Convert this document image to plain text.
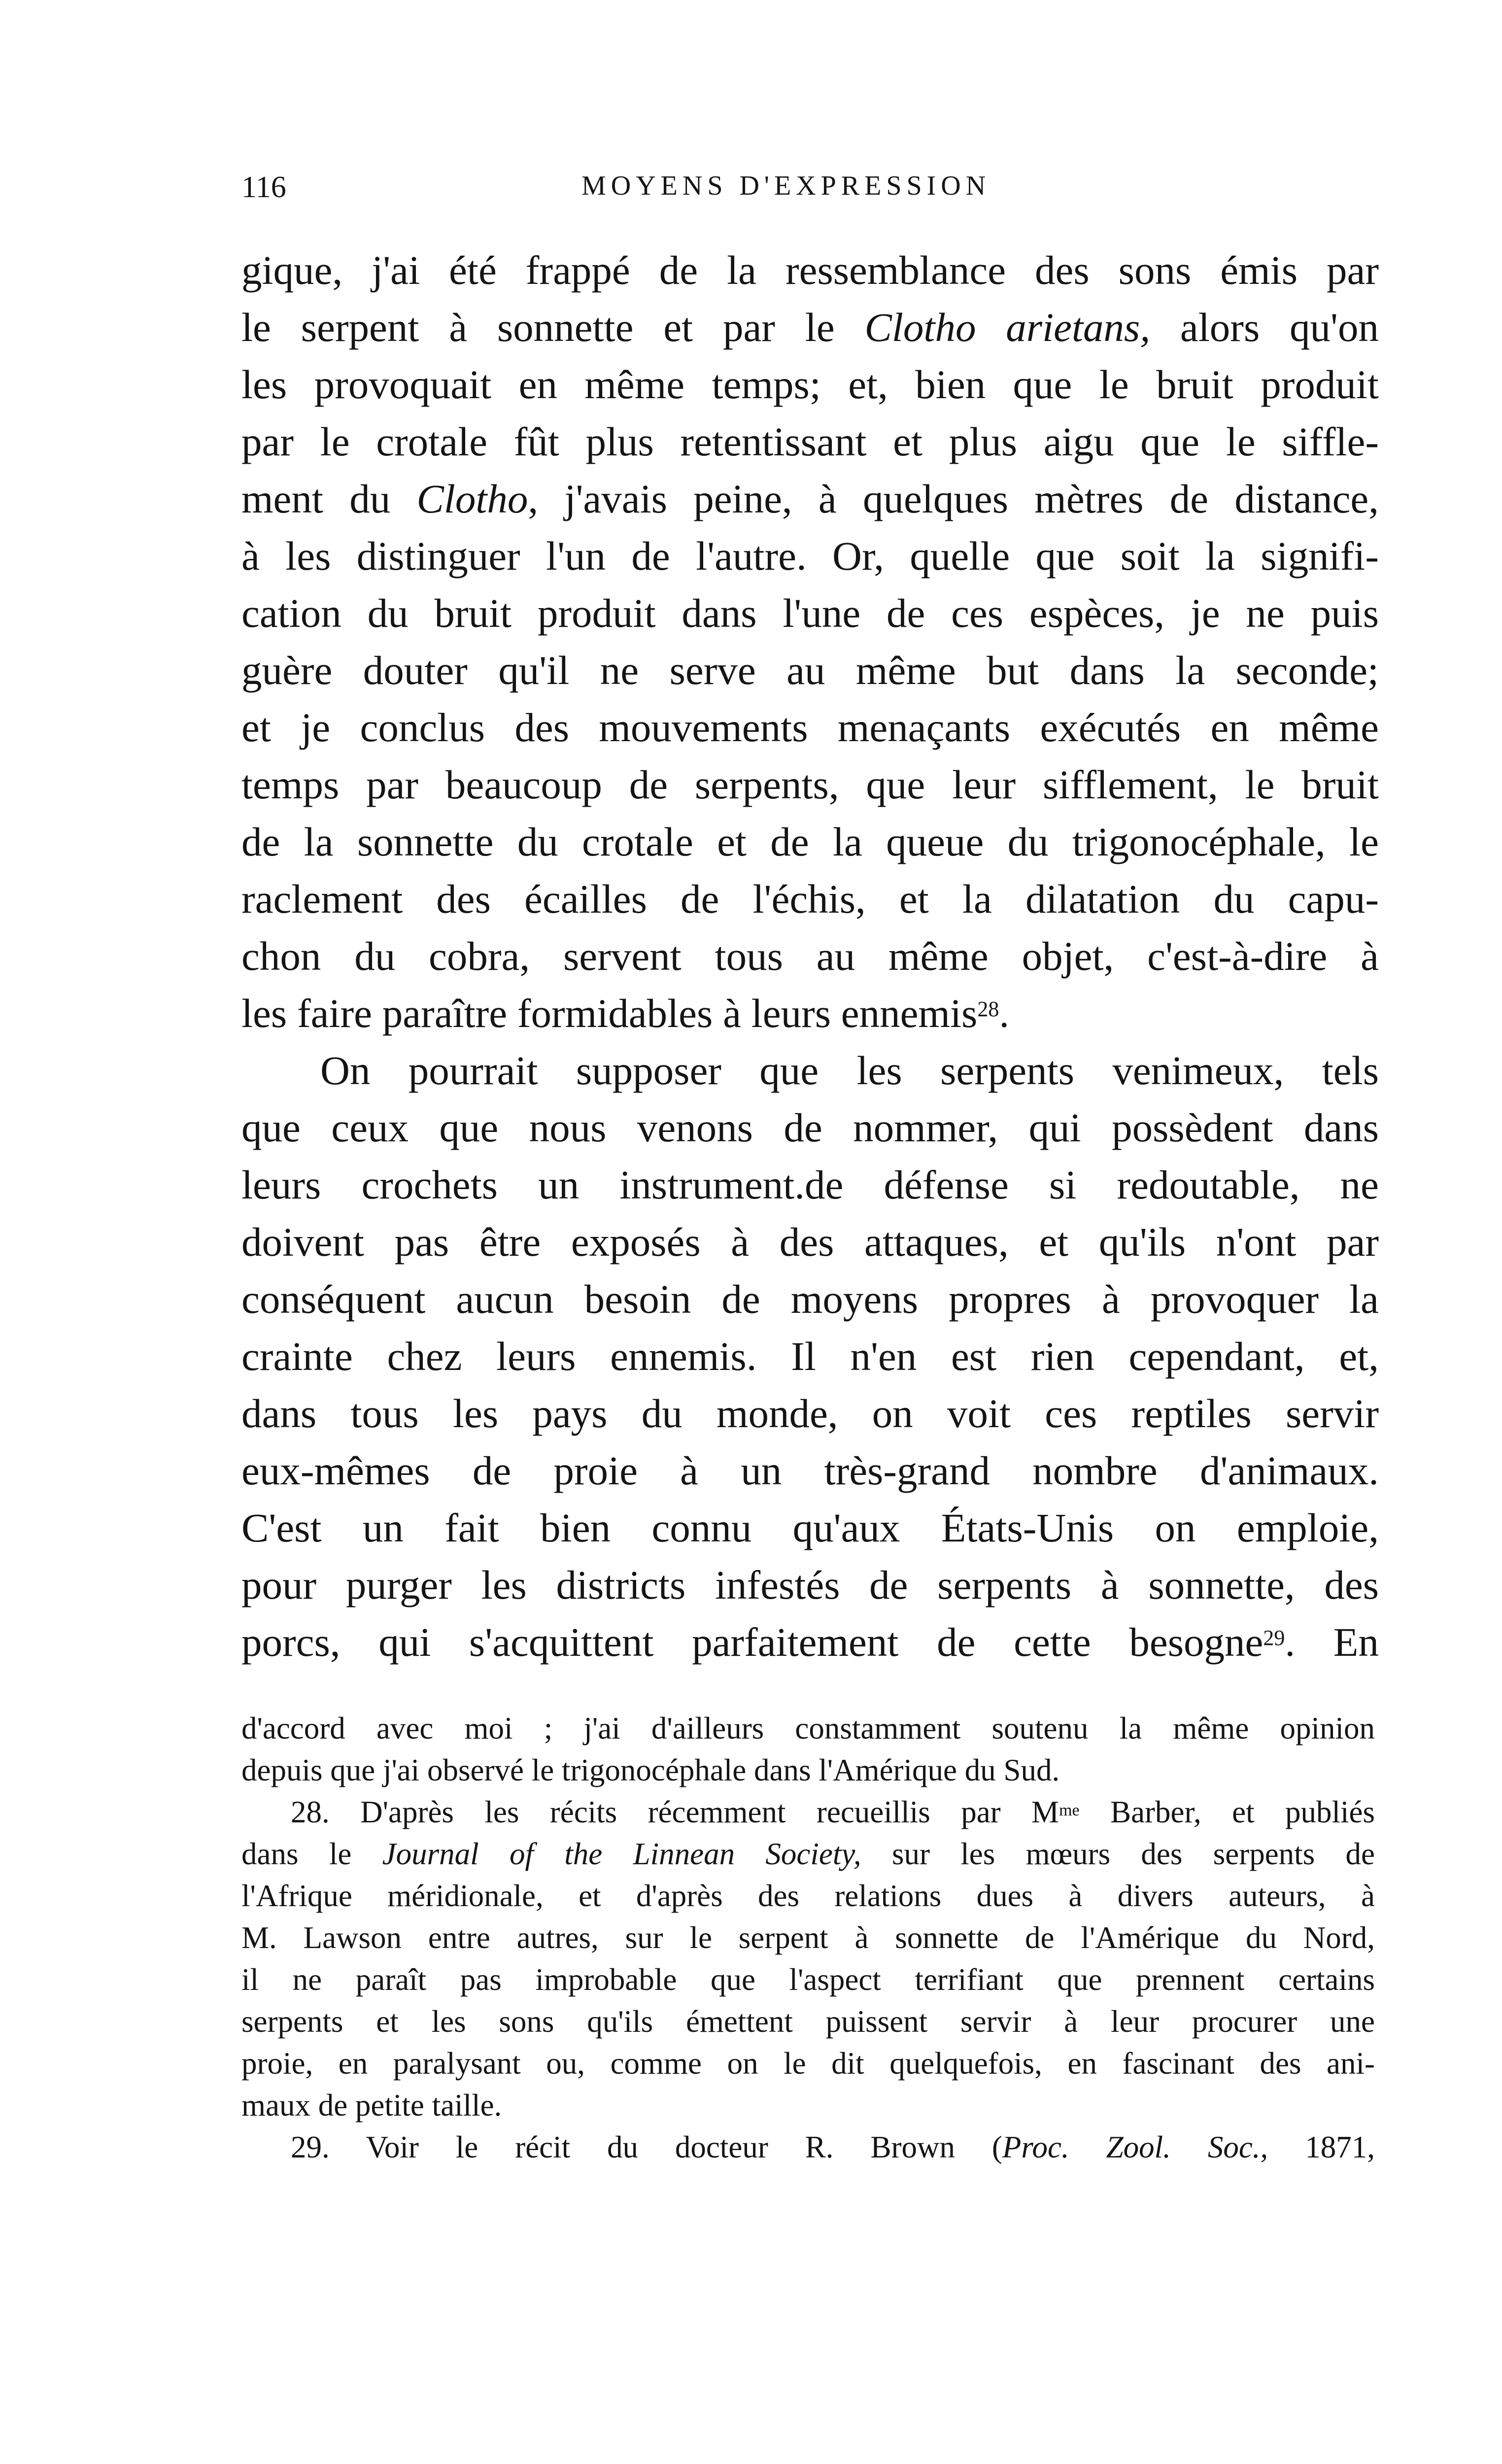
116	MOYENS D'EXPRESSION
gique, j'ai été frappé de la ressemblance des sons émis par
le serpent à sonnette et par le Clotho arietans, alors qu'on
les provoquait en même temps; et, bien que le bruit produit
par le crotale fût plus retentissant et plus aigu que le siffle-
ment du Clotho, j'avais peine, à quelques mètres de distance,
à les distinguer l'un de l'autre. Or, quelle que soit la signifi-
cation du bruit produit dans l'une de ces espèces, je ne puis
guère douter qu'il ne serve au même but dans la seconde;
et je conclus des mouvements menaçants exécutés en même
temps par beaucoup de serpents, que leur sifflement, le bruit
de la sonnette du crotale et de la queue du trigonocéphale, le
raclement des écailles de l'échis, et la dilatation du capu-
chon du cobra, servent tous au même objet, c'est-à-dire à
les faire paraître formidables à leurs ennemis$^{28}$.
On pourrait supposer que les serpents venimeux, tels
que ceux que nous venons de nommer, qui possèdent dans
leurs crochets un instrument.de défense si redoutable, ne
doivent pas être exposés à des attaques, et qu'ils n'ont par
conséquent aucun besoin de moyens propres à provoquer la
crainte chez leurs ennemis. Il n'en est rien cependant, et,
dans tous les pays du monde, on voit ces reptiles servir
eux-mêmes de proie à un très-grand nombre d'animaux.
C'est un fait bien connu qu'aux États-Unis on emploie,
pour purger les districts infestés de serpents à sonnette, des
porcs, qui s'acquittent parfaitement de cette besogne$^{29}$. En
d'accord avec moi ; j'ai d'ailleurs constamment soutenu la même opinion
depuis que j'ai observé le trigonocéphale dans l'Amérique du Sud.
28. D'après les récits récemment recueillis par $M^{me}$ Barber, et publiés
dans le Journal of the Linnean Society, sur les mœurs des serpents de
l'Afrique méridionale, et d'après des relations dues à divers auteurs, à
M. Lawson entre autres, sur le serpent à sonnette de l'Amérique du Nord,
il ne paraît pas improbable que l'aspect terrifiant que prennent certains
serpents et les sons qu'ils émettent puissent servir à leur procurer une
proie, en paralysant ou, comme on le dit quelquefois, en fascinant des ani-
maux de petite taille.
29. Voir le récit du docteur R. Brown (Proc. Zool. Soc., 1871,
